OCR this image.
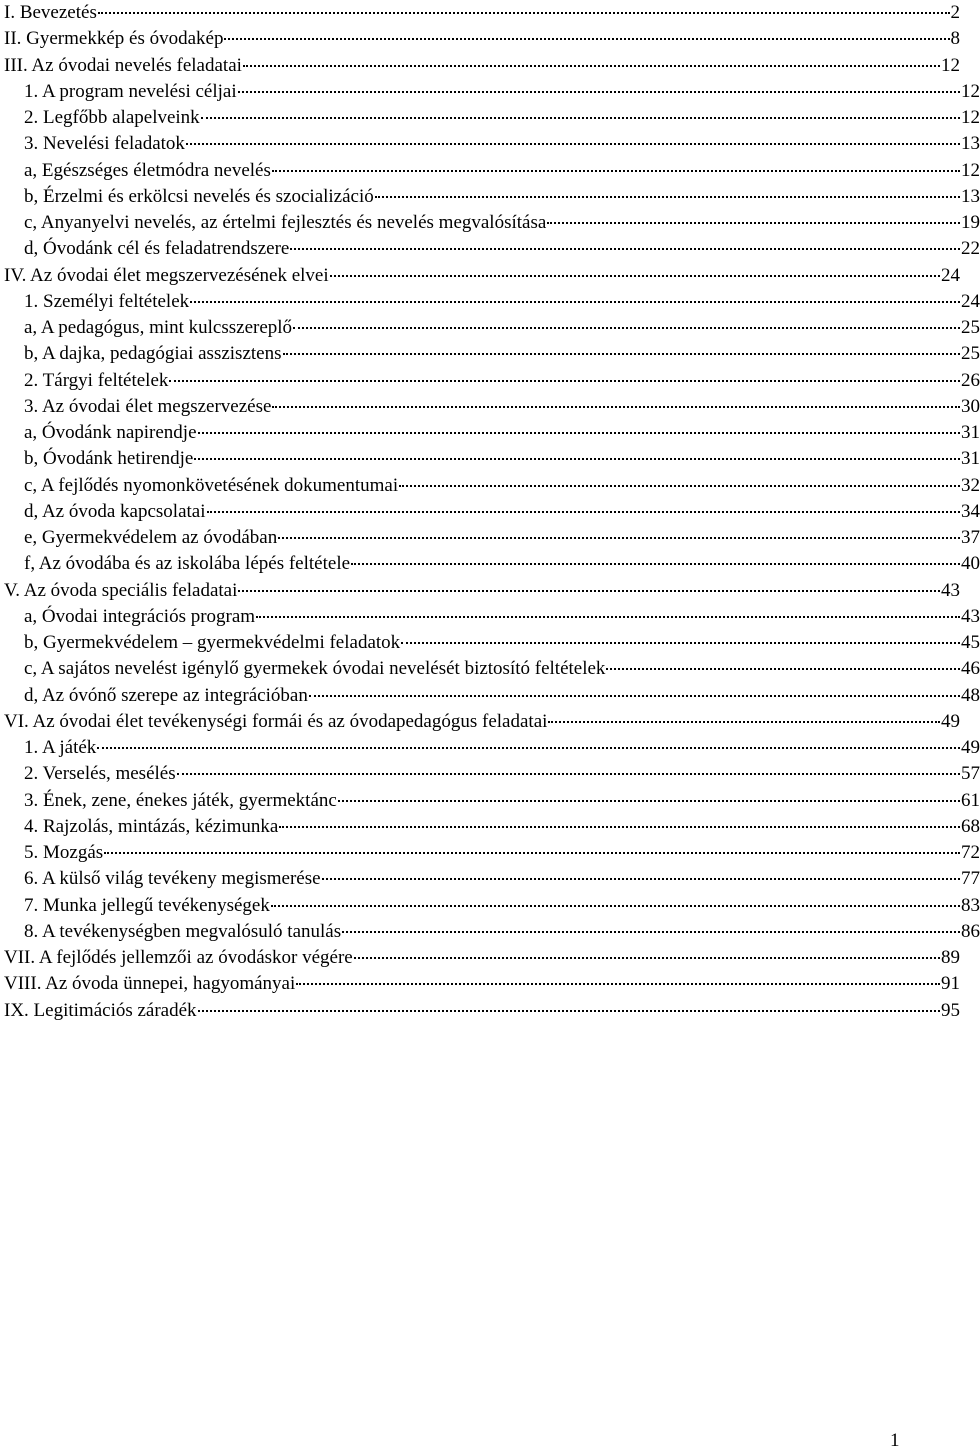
I. Bevezetés	2
II. Gyermekkép és óvodakép	8
III. Az óvodai nevelés feladatai	12
1. A program nevelési céljai	12
2. Legfőbb alapelveink	12
3. Nevelési feladatok	13
a, Egészséges életmódra nevelés	12
b, Érzelmi és erkölcsi nevelés és szocializáció	13
c, Anyanyelvi nevelés, az értelmi fejlesztés és nevelés megvalósítása	19
d, Óvodánk cél és feladatrendszere	22
IV. Az óvodai élet megszervezésének elvei	24
1. Személyi feltételek	24
a, A pedagógus, mint kulcsszereplő	25
b, A dajka, pedagógiai asszisztens	25
2. Tárgyi feltételek	26
3. Az óvodai élet megszervezése	30
a, Óvodánk napirendje	31
b, Óvodánk hetirendje	31
c, A fejlődés nyomonkövetésének dokumentumai	32
d, Az óvoda kapcsolatai	34
e, Gyermekvédelem az óvodában	37
f, Az óvodába és az iskolába lépés feltétele	40
V. Az óvoda speciális feladatai	43
a, Óvodai integrációs program	43
b, Gyermekvédelem – gyermekvédelmi feladatok	45
c, A sajátos nevelést igénylő gyermekek óvodai nevelését biztosító feltételek	46
d, Az óvónő szerepe az integrációban	48
VI. Az óvodai élet tevékenységi formái és az óvodapedagógus feladatai	49
1. A játék	49
2. Verselés, mesélés	57
3. Ének, zene, énekes játék, gyermektánc	61
4. Rajzolás, mintázás, kézimunka	68
5. Mozgás	72
6. A külső világ tevékeny megismerése	77
7. Munka jellegű tevékenységek	83
8. A tevékenységben megvalósuló tanulás	86
VII. A fejlődés jellemzői az óvodáskor végére	89
VIII. Az óvoda ünnepei, hagyományai	91
IX. Legitimációs záradék	95
1
